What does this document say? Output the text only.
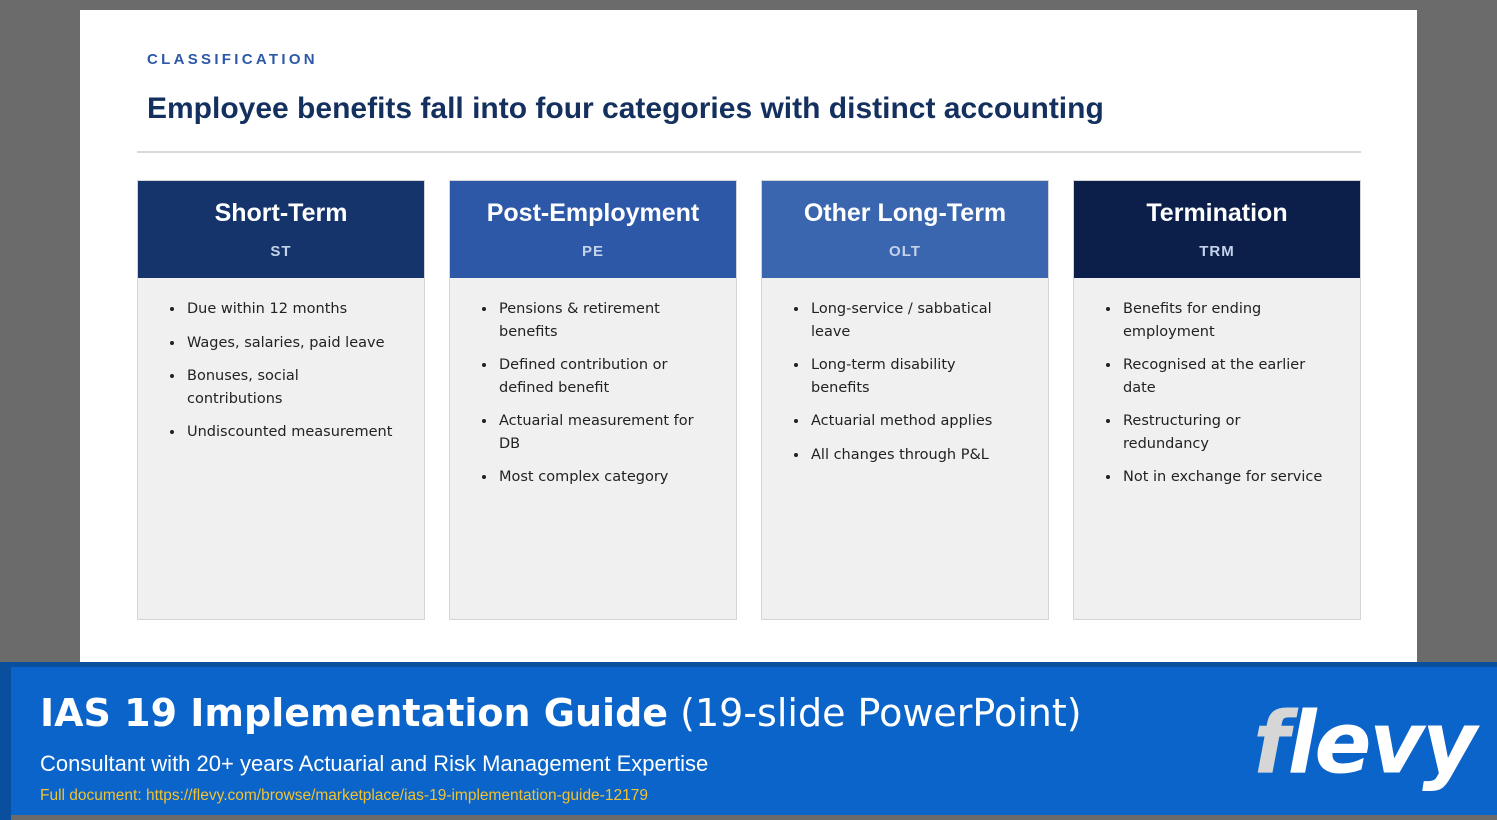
CLASSIFICATION
Employee benefits fall into four categories with distinct accounting
Short-Term
ST
• Due within 12 months
• Wages, salaries, paid leave
• Bonuses, social contributions
• Undiscounted measurement
Post-Employment
PE
• Pensions & retirement benefits
• Defined contribution or defined benefit
• Actuarial measurement for DB
• Most complex category
Other Long-Term
OLT
• Long-service / sabbatical leave
• Long-term disability benefits
• Actuarial method applies
• All changes through P&L
Termination
TRM
• Benefits for ending employment
• Recognised at the earlier date
• Restructuring or redundancy
• Not in exchange for service
IAS 19 Implementation Guide (19-slide PowerPoint)
Consultant with 20+ years Actuarial and Risk Management Expertise
Full document: https://flevy.com/browse/marketplace/ias-19-implementation-guide-12179
flevy
